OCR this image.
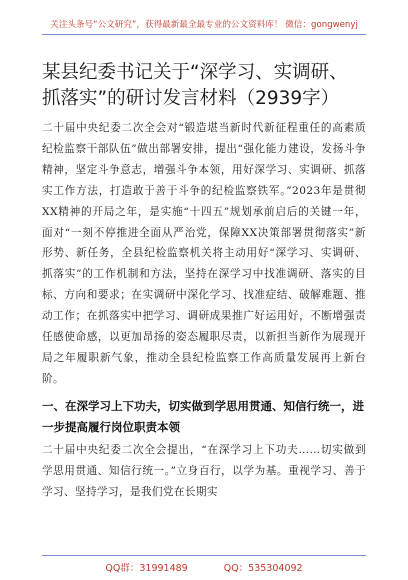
关注头条号“公文研究”，获得最新最全最专业的公文资料库！ 微信：gongwenyj
某县纪委书记关于“深学习、实调研、抓落实”的研讨发言材料（2939字）

二十届中央纪委二次全会对“锻造堪当新时代新征程重任的高素质纪检监察干部队伍”做出部署安排，提出“强化能力建设，发扬斗争精神，坚定斗争意志，增强斗争本领，用好深学习、实调研、抓落实工作方法，打造敢于善于斗争的纪检监察铁军。”2023年是贯彻XX精神的开局之年，是实施“十四五”规划承前启后的关键一年，面对“一刻不停推进全面从严治党，保障XX决策部署贯彻落实”新形势、新任务，全县纪检监察机关将主动用好“深学习、实调研、抓落实”的工作机制和方法，坚持在深学习中找准调研、落实的目标、方向和要求；在实调研中深化学习、找准症结、破解难题、推动工作；在抓落实中把学习、调研成果推广好运用好，不断增强责任感使命感，以更加昂扬的姿态履职尽责，以新担当新作为展现开局之年履职新气象，推动全县纪检监察工作高质量发展再上新台阶。

一、在深学习上下功夫，切实做到学思用贯通、知信行统一，进一步提高履行岗位职责本领

二十届中央纪委二次全会提出，“在深学习上下功夫……切实做到学思用贯通、知信行统一。”立身百行，以学为基。重视学习、善于学习、坚持学习，是我们党在长期实

QQ群：31991489	QQ：535304092
